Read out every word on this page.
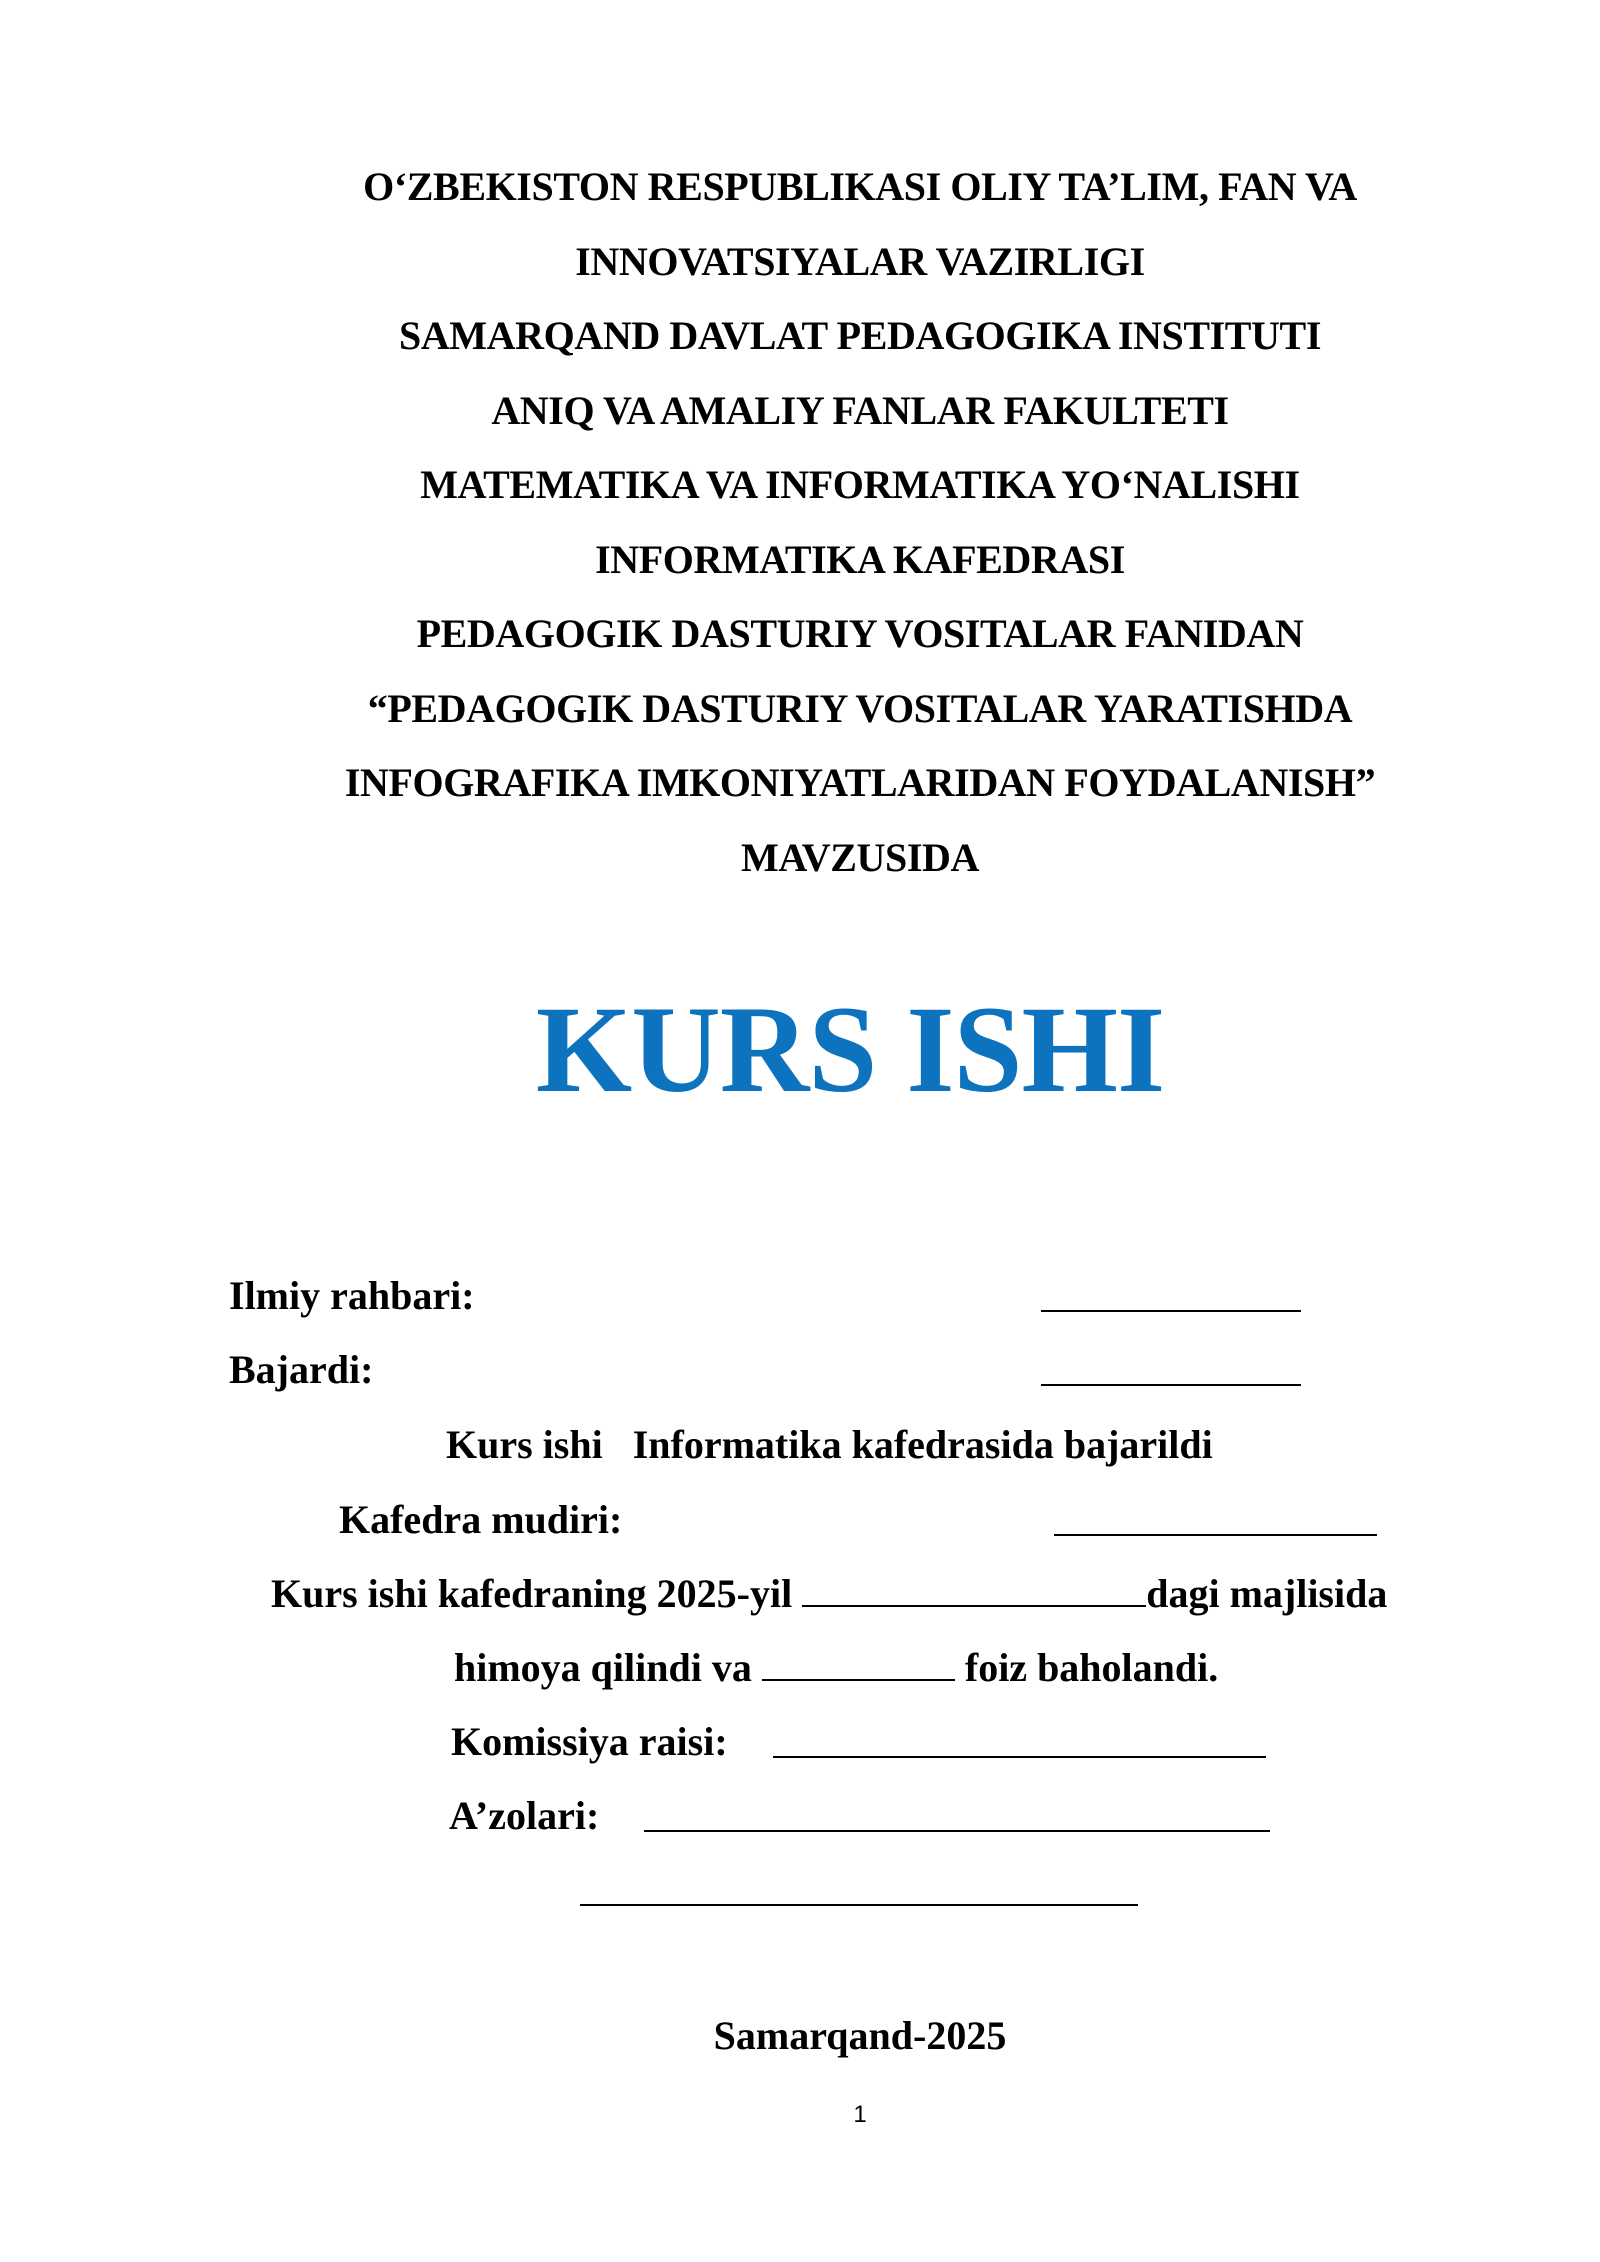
O‘ZBEKISTON RESPUBLIKASI OLIY TA’LIM, FAN VA
INNOVATSIYALAR VAZIRLIGI
SAMARQAND DAVLAT PEDAGOGIKA INSTITUTI
ANIQ VA AMALIY FANLAR FAKULTETI
MATEMATIKA VA INFORMATIKA YO‘NALISHI
INFORMATIKA KAFEDRASI
PEDAGOGIK DASTURIY VOSITALAR FANIDAN
“PEDAGOGIK DASTURIY VOSITALAR YARATISHDA
INFOGRAFIKA IMKONIYATLARIDAN FOYDALANISH”
MAVZUSIDA
KURS ISHI
Ilmiy rahbari:
Bajardi:
Kurs ishi   Informatika kafedrasida bajarildi
Kafedra mudiri:
Kurs ishi kafedraning 2025-yil	dagi majlisida
himoya qilindi va	foiz baholandi.
Komissiya raisi:
A’zolari:
Samarqand-2025
1
